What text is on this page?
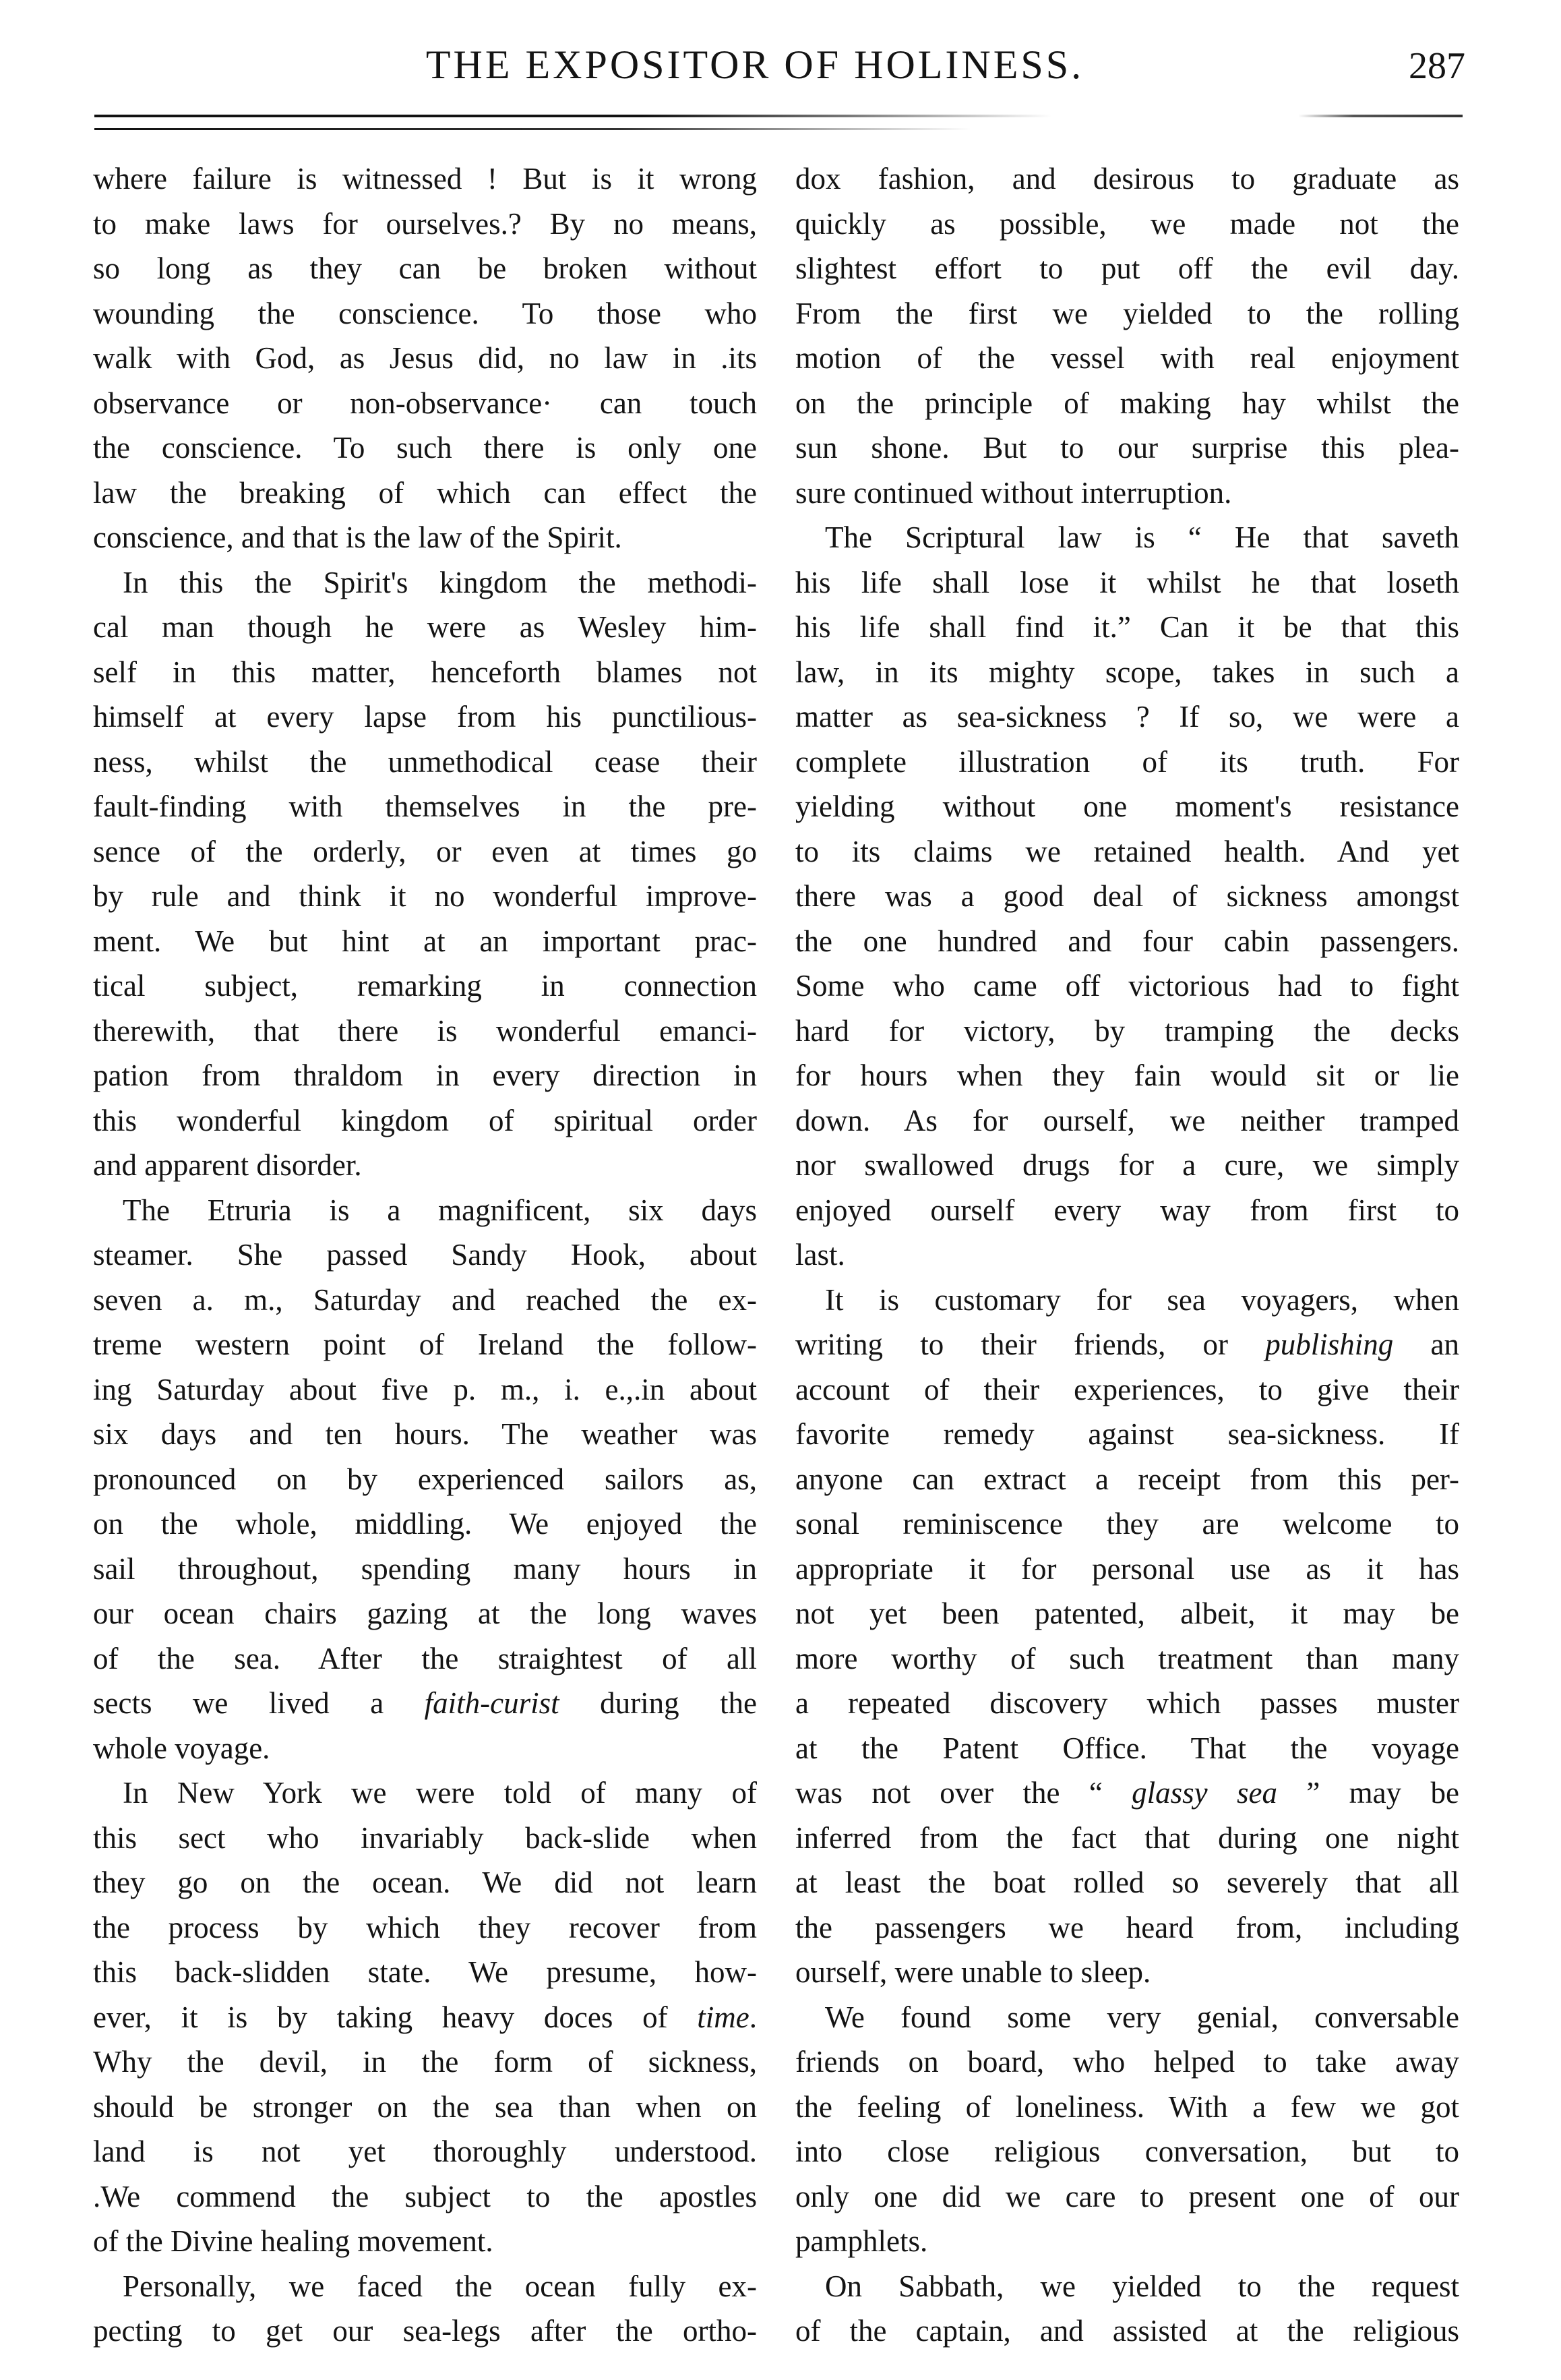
THE EXPOSITOR OF HOLINESS.	287
where failure is witnessed ! But is it wrong
to make laws for ourselves.? By no means,
so long as they can be broken without
wounding the conscience. To those who
walk with God, as Jesus did, no law in .its
observance or non-observance· can touch
the conscience. To such there is only one
law the breaking of which can effect the
conscience, and that is the law of the Spirit.
In this the Spirit's kingdom the methodi-
cal man though he were as Wesley him-
self in this matter, henceforth blames not
himself at every lapse from his punctilious-
ness, whilst the unmethodical cease their
fault-finding with themselves in the pre-
sence of the orderly, or even at times go
by rule and think it no wonderful improve-
ment. We but hint at an important prac-
tical subject, remarking in connection
therewith, that there is wonderful emanci-
pation from thraldom in every direction in
this wonderful kingdom of spiritual order
and apparent disorder.
The Etruria is a magnificent, six days
steamer. She passed Sandy Hook, about
seven a. m., Saturday and reached the ex-
treme western point of Ireland the follow-
ing Saturday about five p. m., i. e.,.in about
six days and ten hours. The weather was
pronounced on by experienced sailors as,
on the whole, middling. We enjoyed the
sail throughout, spending many hours in
our ocean chairs gazing at the long waves
of the sea. After the straightest of all
sects we lived a faith-curist during the
whole voyage.
In New York we were told of many of
this sect who invariably back-slide when
they go on the ocean. We did not learn
the process by which they recover from
this back-slidden state. We presume, how-
ever, it is by taking heavy doces of time.
Why the devil, in the form of sickness,
should be stronger on the sea than when on
land is not yet thoroughly understood.
.We commend the subject to the apostles
of the Divine healing movement.
Personally, we faced the ocean fully ex-
pecting to get our sea-legs after the ortho-
dox fashion, and desirous to graduate as
quickly as possible, we made not the
slightest effort to put off the evil day.
From the first we yielded to the rolling
motion of the vessel with real enjoyment
on the principle of making hay whilst the
sun shone. But to our surprise this plea-
sure continued without interruption.
The Scriptural law is “ He that saveth
his life shall lose it whilst he that loseth
his life shall find it.” Can it be that this
law, in its mighty scope, takes in such a
matter as sea-sickness ? If so, we were a
complete illustration of its truth. For
yielding without one moment's resistance
to its claims we retained health. And yet
there was a good deal of sickness amongst
the one hundred and four cabin passengers.
Some who came off victorious had to fight
hard for victory, by tramping the decks
for hours when they fain would sit or lie
down. As for ourself, we neither tramped
nor swallowed drugs for a cure, we simply
enjoyed ourself every way from first to
last.
It is customary for sea voyagers, when
writing to their friends, or publishing an
account of their experiences, to give their
favorite remedy against sea-sickness. If
anyone can extract a receipt from this per-
sonal reminiscence they are welcome to
appropriate it for personal use as it has
not yet been patented, albeit, it may be
more worthy of such treatment than many
a repeated discovery which passes muster
at the Patent Office. That the voyage
was not over the “ glassy sea ” may be
inferred from the fact that during one night
at least the boat rolled so severely that all
the passengers we heard from, including
ourself, were unable to sleep.
We found some very genial, conversable
friends on board, who helped to take away
the feeling of loneliness. With a few we got
into close religious conversation, but to
only one did we care to present one of our
pamphlets.
On Sabbath, we yielded to the request
of the captain, and assisted at the religious
